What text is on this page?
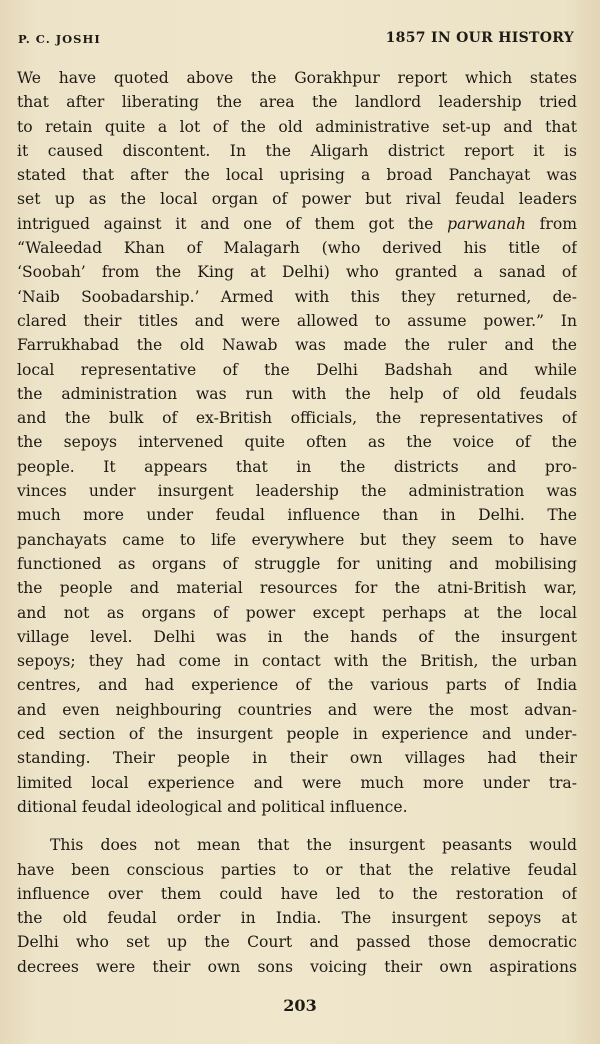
P. C. JOSHI	1857 IN OUR HISTORY
We have quoted above the Gorakhpur report which states
that after liberating the area the landlord leadership tried
to retain quite a lot of the old administrative set-up and that
it caused discontent. In the Aligarh district report it is
stated that after the local uprising a broad Panchayat was
set up as the local organ of power but rival feudal leaders
intrigued against it and one of them got the parwanah from
“Waleedad Khan of Malagarh (who derived his title of
‘Soobah’ from the King at Delhi) who granted a sanad of
‘Naib Soobadarship.’ Armed with this they returned, de-
clared their titles and were allowed to assume power.” In
Farrukhabad the old Nawab was made the ruler and the
local representative of the Delhi Badshah and while
the administration was run with the help of old feudals
and the bulk of ex-British officials, the representatives of
the sepoys intervened quite often as the voice of the
people. It appears that in the districts and pro-
vinces under insurgent leadership the administration was
much more under feudal influence than in Delhi. The
panchayats came to life everywhere but they seem to have
functioned as organs of struggle for uniting and mobilising
the people and material resources for the atni-British war,
and not as organs of power except perhaps at the local
village level. Delhi was in the hands of the insurgent
sepoys; they had come in contact with the British, the urban
centres, and had experience of the various parts of India
and even neighbouring countries and were the most advan-
ced section of the insurgent people in experience and under-
standing. Their people in their own villages had their
limited local experience and were much more under tra-
ditional feudal ideological and political influence.
This does not mean that the insurgent peasants would
have been conscious parties to or that the relative feudal
influence over them could have led to the restoration of
the old feudal order in India. The insurgent sepoys at
Delhi who set up the Court and passed those democratic
decrees were their own sons voicing their own aspirations
203
